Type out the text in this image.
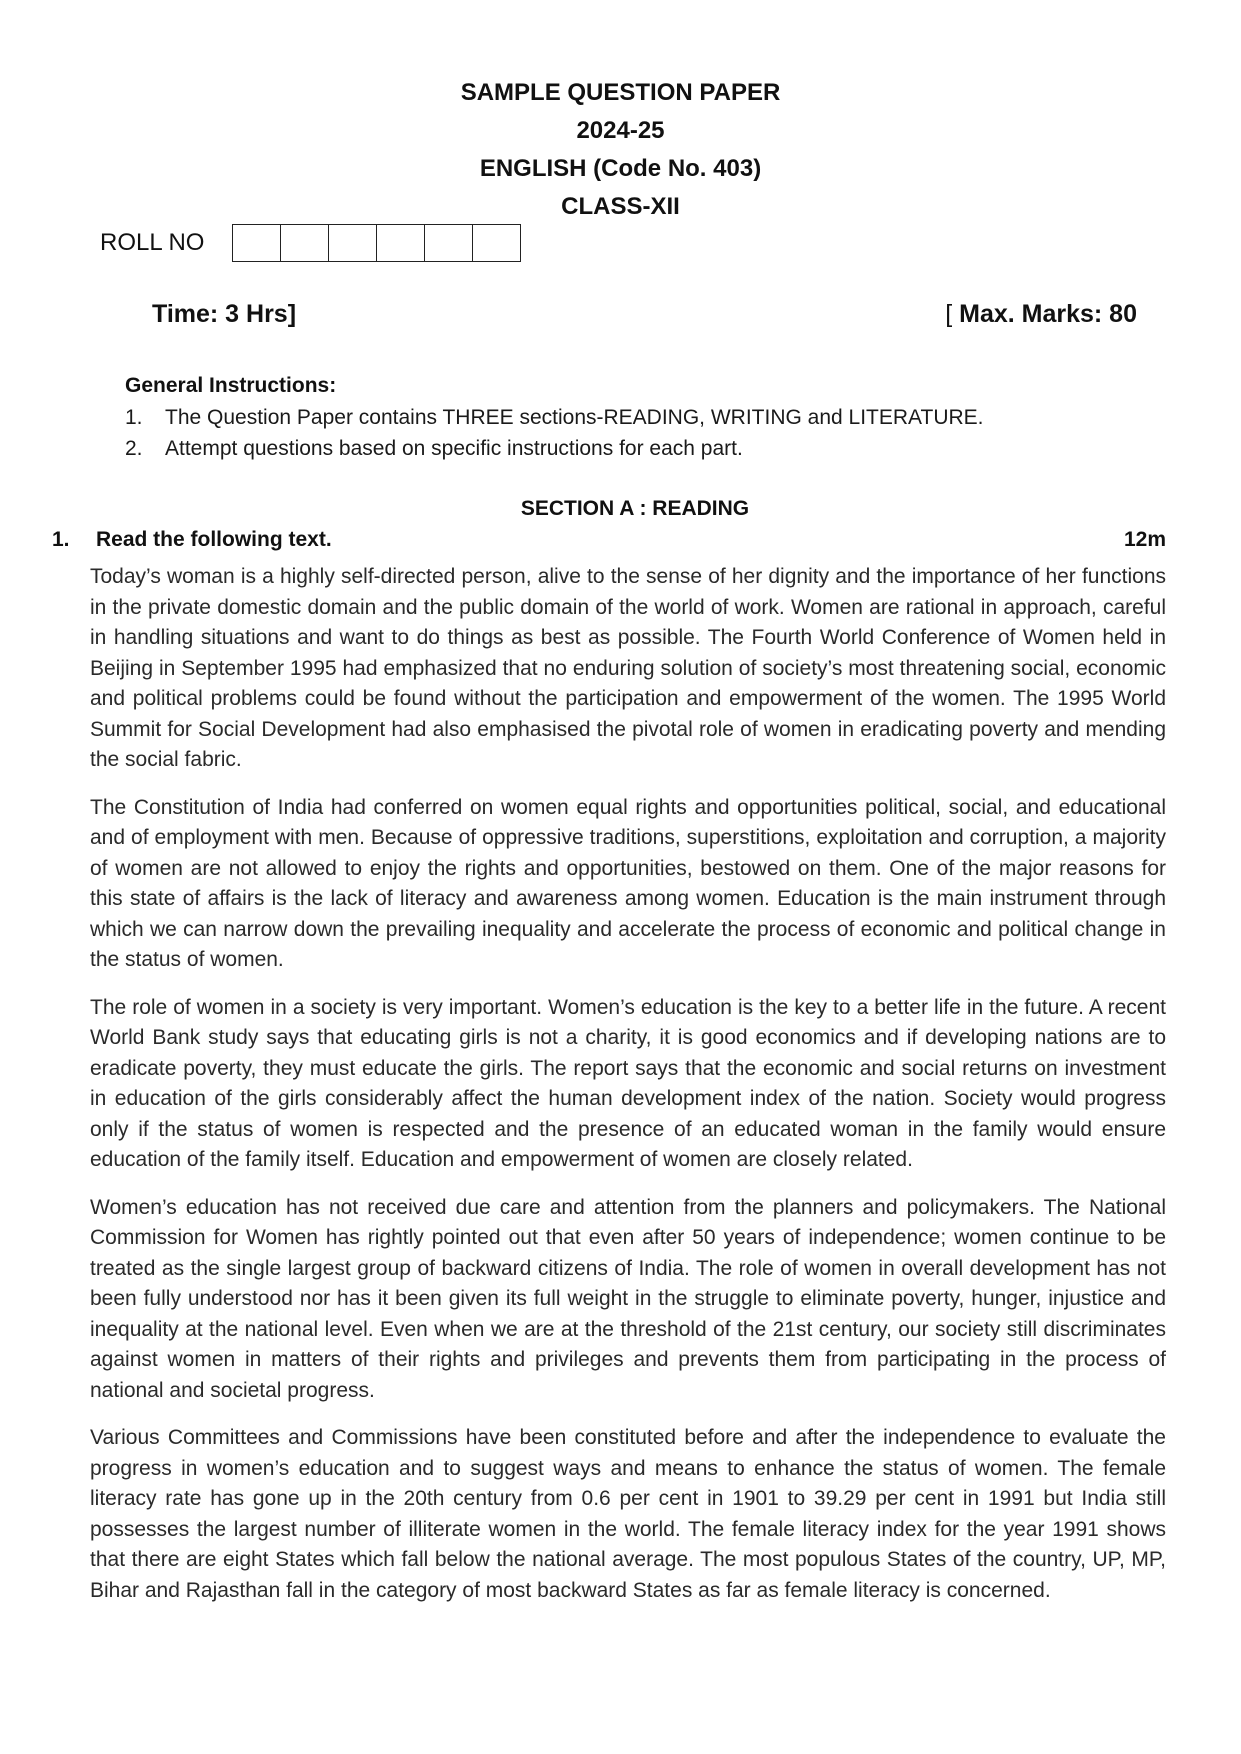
SAMPLE QUESTION PAPER
2024-25
ENGLISH (Code No. 403)
CLASS-XII
ROLL NO
Time: 3 Hrs]	[ Max. Marks: 80
General Instructions:
1. The Question Paper contains THREE sections-READING, WRITING and LITERATURE.
2. Attempt questions based on specific instructions for each part.
SECTION A : READING
1. Read the following text.	12m

Today’s woman is a highly self-directed person, alive to the sense of her dignity and the importance of her functions in the private domestic domain and the public domain of the world of work. Women are rational in approach, careful in handling situations and want to do things as best as possible. The Fourth World Conference of Women held in Beijing in September 1995 had emphasized that no enduring solution of society’s most threatening social, economic and political problems could be found without the participation and empowerment of the women. The 1995 World Summit for Social Development had also emphasised the pivotal role of women in eradicating poverty and mending the social fabric.

The Constitution of India had conferred on women equal rights and opportunities political, social, and educational and of employment with men. Because of oppressive traditions, superstitions, exploitation and corruption, a majority of women are not allowed to enjoy the rights and opportunities, bestowed on them. One of the major reasons for this state of affairs is the lack of literacy and awareness among women. Education is the main instrument through which we can narrow down the prevailing inequality and accelerate the process of economic and political change in the status of women.

The role of women in a society is very important. Women’s education is the key to a better life in the future. A recent World Bank study says that educating girls is not a charity, it is good economics and if developing nations are to eradicate poverty, they must educate the girls. The report says that the economic and social returns on investment in education of the girls considerably affect the human development index of the nation. Society would progress only if the status of women is respected and the presence of an educated woman in the family would ensure education of the family itself. Education and empowerment of women are closely related.

Women’s education has not received due care and attention from the planners and policymakers. The National Commission for Women has rightly pointed out that even after 50 years of independence; women continue to be treated as the single largest group of backward citizens of India. The role of women in overall development has not been fully understood nor has it been given its full weight in the struggle to eliminate poverty, hunger, injustice and inequality at the national level. Even when we are at the threshold of the 21st century, our society still discriminates against women in matters of their rights and privileges and prevents them from participating in the process of national and societal progress.

Various Committees and Commissions have been constituted before and after the independence to evaluate the progress in women’s education and to suggest ways and means to enhance the status of women. The female literacy rate has gone up in the 20th century from 0.6 per cent in 1901 to 39.29 per cent in 1991 but India still possesses the largest number of illiterate women in the world. The female literacy index for the year 1991 shows that there are eight States which fall below the national average. The most populous States of the country, UP, MP, Bihar and Rajasthan fall in the category of most backward States as far as female literacy is concerned.
